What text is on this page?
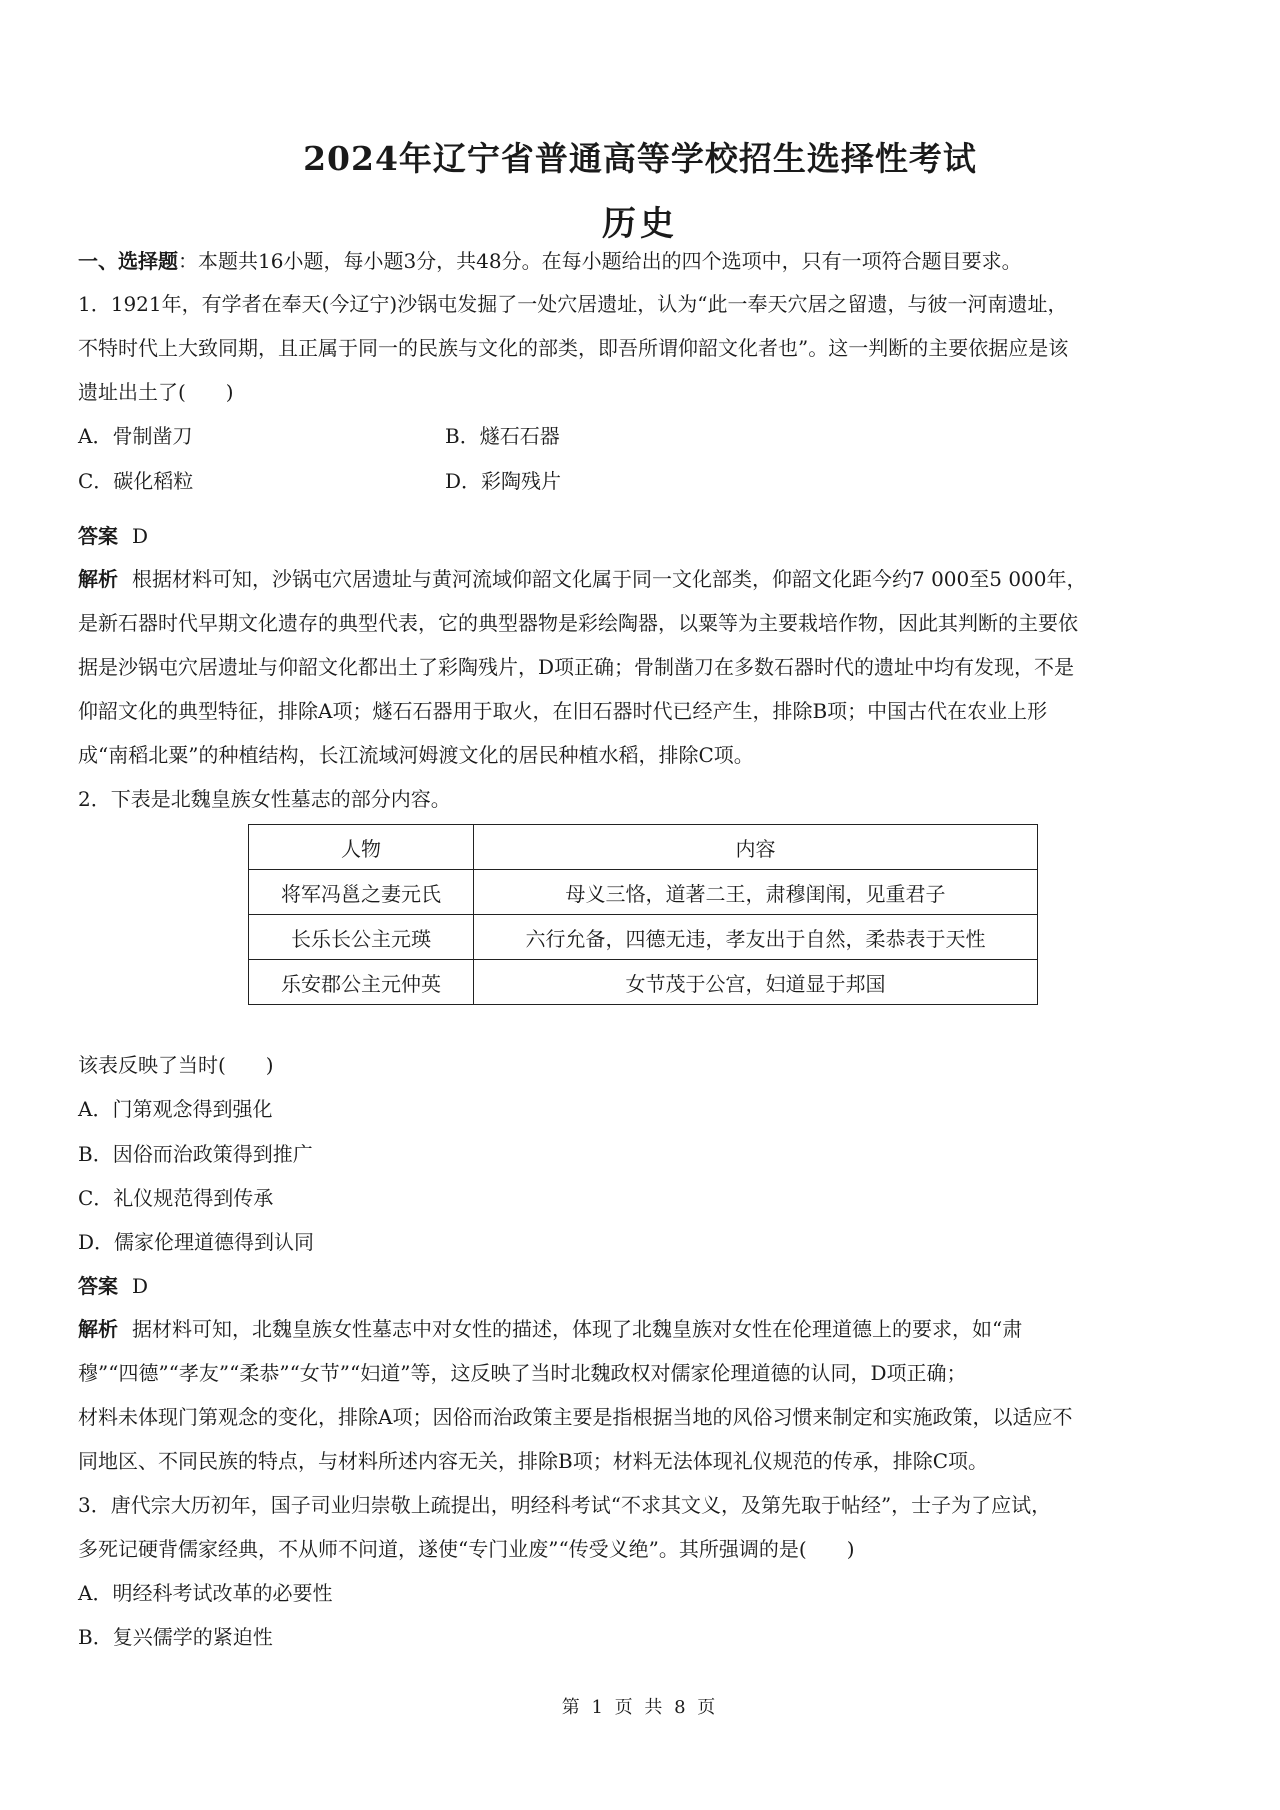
2024年辽宁省普通高等学校招生选择性考试
历史
一、选择题：本题共16小题，每小题3分，共48分。在每小题给出的四个选项中，只有一项符合题目要求。
1．1921年，有学者在奉天(今辽宁)沙锅屯发掘了一处穴居遗址，认为“此一奉天穴居之留遗，与彼一河南遗址，
不特时代上大致同期，且正属于同一的民族与文化的部类，即吾所谓仰韶文化者也”。这一判断的主要依据应是该
遗址出土了(　　)
A．骨制凿刀	B．燧石石器
C．碳化稻粒	D．彩陶残片
答案 D
解析 根据材料可知，沙锅屯穴居遗址与黄河流域仰韶文化属于同一文化部类，仰韶文化距今约7 000至5 000年，
是新石器时代早期文化遗存的典型代表，它的典型器物是彩绘陶器，以粟等为主要栽培作物，因此其判断的主要依
据是沙锅屯穴居遗址与仰韶文化都出土了彩陶残片，D项正确；骨制凿刀在多数石器时代的遗址中均有发现，不是
仰韶文化的典型特征，排除A项；燧石石器用于取火，在旧石器时代已经产生，排除B项；中国古代在农业上形
成“南稻北粟”的种植结构，长江流域河姆渡文化的居民种植水稻，排除C项。
2．下表是北魏皇族女性墓志的部分内容。
人物	内容
将军冯邕之妻元氏	母义三恪，道著二王，肃穆闺闱，见重君子
长乐长公主元瑛	六行允备，四德无违，孝友出于自然，柔恭表于天性
乐安郡公主元仲英	女节茂于公宫，妇道显于邦国
该表反映了当时(　　)
A．门第观念得到强化
B．因俗而治政策得到推广
C．礼仪规范得到传承
D．儒家伦理道德得到认同
答案 D
解析 据材料可知，北魏皇族女性墓志中对女性的描述，体现了北魏皇族对女性在伦理道德上的要求，如“肃
穆”“四德”“孝友”“柔恭”“女节”“妇道”等，这反映了当时北魏政权对儒家伦理道德的认同，D项正确；
材料未体现门第观念的变化，排除A项；因俗而治政策主要是指根据当地的风俗习惯来制定和实施政策，以适应不
同地区、不同民族的特点，与材料所述内容无关，排除B项；材料无法体现礼仪规范的传承，排除C项。
3．唐代宗大历初年，国子司业归崇敬上疏提出，明经科考试“不求其文义，及第先取于帖经”，士子为了应试，
多死记硬背儒家经典，不从师不问道，遂使“专门业废”“传受义绝”。其所强调的是(　　)
A．明经科考试改革的必要性
B．复兴儒学的紧迫性
第 1 页 共 8 页
